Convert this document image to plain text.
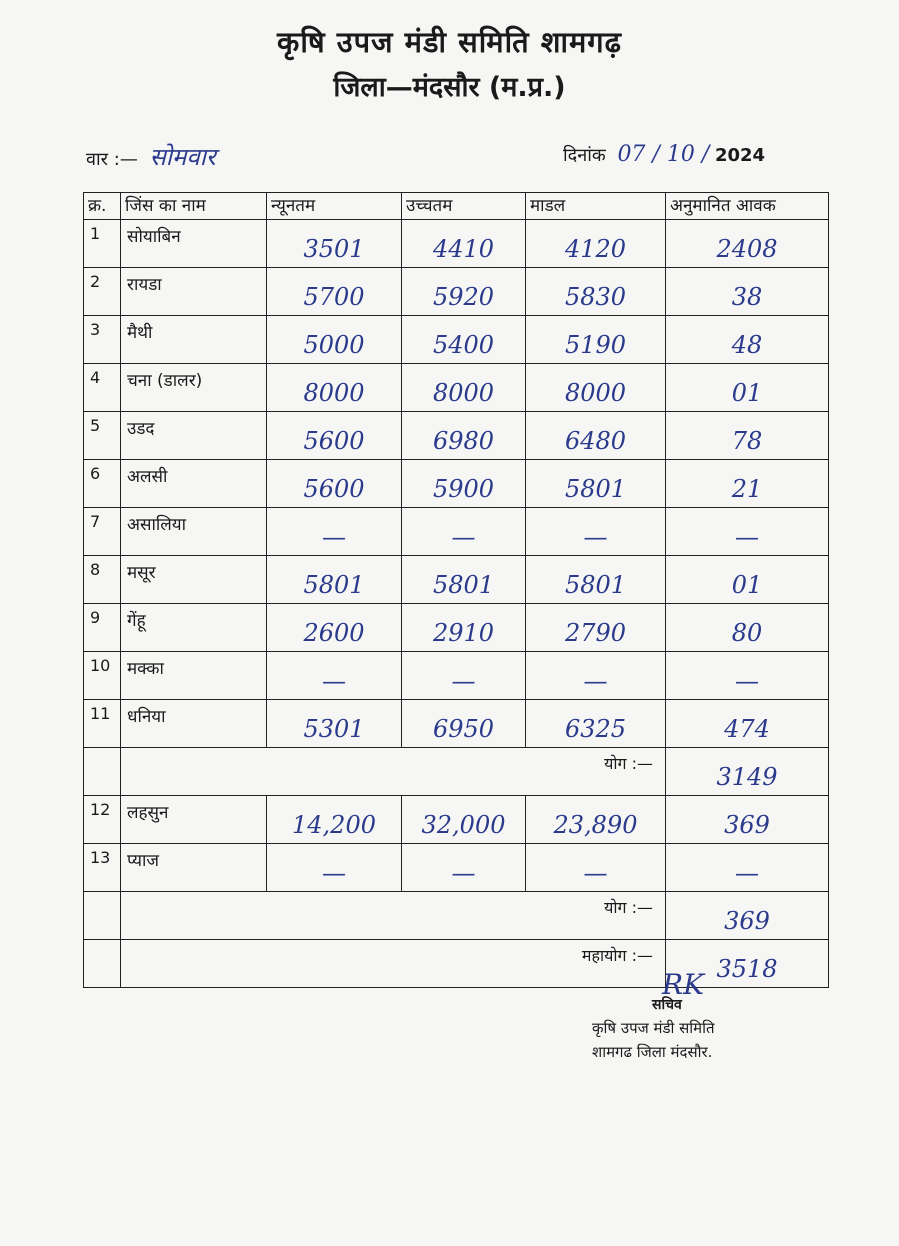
कृषि उपज मंडी समिति शामगढ़
जिला—मंदसौर (म.प्र.)
वार :— सोमवार	दिनांक 07 / 10 / 2024
क्र.	जिंस का नाम	न्यूनतम	उच्चतम	माडल	अनुमानित आवक
1	सोयाबिन	3501	4410	4120	2408
2	रायडा	5700	5920	5830	38
3	मैथी	5000	5400	5190	48
4	चना (डालर)	8000	8000	8000	01
5	उडद	5600	6980	6480	78
6	अलसी	5600	5900	5801	21
7	असालिया	—	—	—	—
8	मसूर	5801	5801	5801	01
9	गेंहू	2600	2910	2790	80
10	मक्का	—	—	—	—
11	धनिया	5301	6950	6325	474
	योग :—				3149
12	लहसुन	14,200	32,000	23,890	369
13	प्याज	—	—	—	—
	योग :—				369
	महायोग :—				3518
RK
सचिव
कृषि उपज मंडी समिति
शामगढ जिला मंदसौर.
